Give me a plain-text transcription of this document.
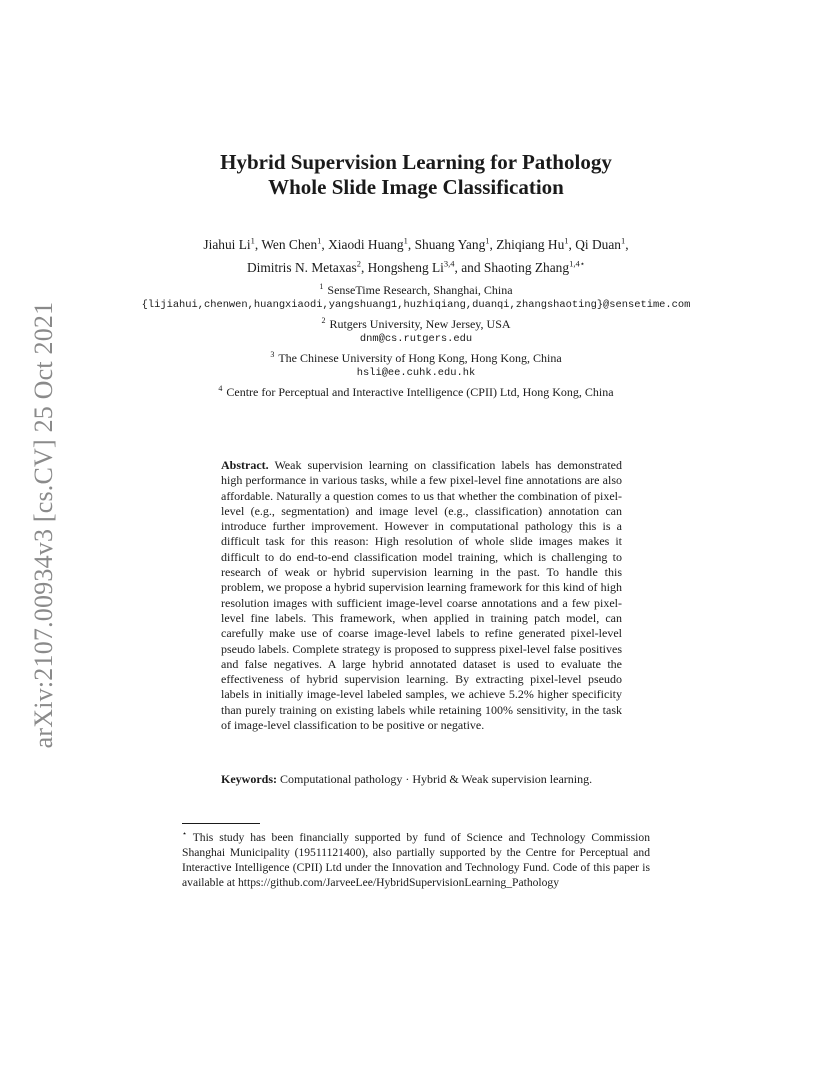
arXiv:2107.00934v3 [cs.CV] 25 Oct 2021
Hybrid Supervision Learning for Pathology
Whole Slide Image Classification
Jiahui Li$^1$, Wen Chen$^1$, Xiaodi Huang$^1$, Shuang Yang$^1$, Zhiqiang Hu$^1$, Qi Duan$^1$, Dimitris N. Metaxas$^2$, Hongsheng Li$^{3,4}$, and Shaoting Zhang$^{1,4⋆}$
$^1$ SenseTime Research, Shanghai, China
{lijiahui,chenwen,huangxiaodi,yangshuang1,huzhiqiang,duanqi,zhangshaoting}@sensetime.com
$^2$ Rutgers University, New Jersey, USA
dnm@cs.rutgers.edu
$^3$ The Chinese University of Hong Kong, Hong Kong, China
hsli@ee.cuhk.edu.hk
$^4$ Centre for Perceptual and Interactive Intelligence (CPII) Ltd, Hong Kong, China

Abstract. Weak supervision learning on classification labels has demonstrated high performance in various tasks, while a few pixel-level fine annotations are also affordable. Naturally a question comes to us that whether the combination of pixel-level (e.g., segmentation) and image level (e.g., classification) annotation can introduce further improvement. However in computational pathology this is a difficult task for this reason: High resolution of whole slide images makes it difficult to do end-to-end classification model training, which is challenging to research of weak or hybrid supervision learning in the past. To handle this problem, we propose a hybrid supervision learning framework for this kind of high resolution images with sufficient image-level coarse annotations and a few pixel-level fine labels. This framework, when applied in training patch model, can carefully make use of coarse image-level labels to refine generated pixel-level pseudo labels. Complete strategy is proposed to suppress pixel-level false positives and false negatives. A large hybrid annotated dataset is used to evaluate the effectiveness of hybrid supervision learning. By extracting pixel-level pseudo labels in initially image-level labeled samples, we achieve 5.2% higher specificity than purely training on existing labels while retaining 100% sensitivity, in the task of image-level classification to be positive or negative.

Keywords: Computational pathology · Hybrid & Weak supervision learning.

⋆ This study has been financially supported by fund of Science and Technology Commission Shanghai Municipality (19511121400), also partially supported by the Centre for Perceptual and Interactive Intelligence (CPII) Ltd under the Innovation and Technology Fund. Code of this paper is available at https://github.com/JarveeLee/HybridSupervisionLearning_Pathology
